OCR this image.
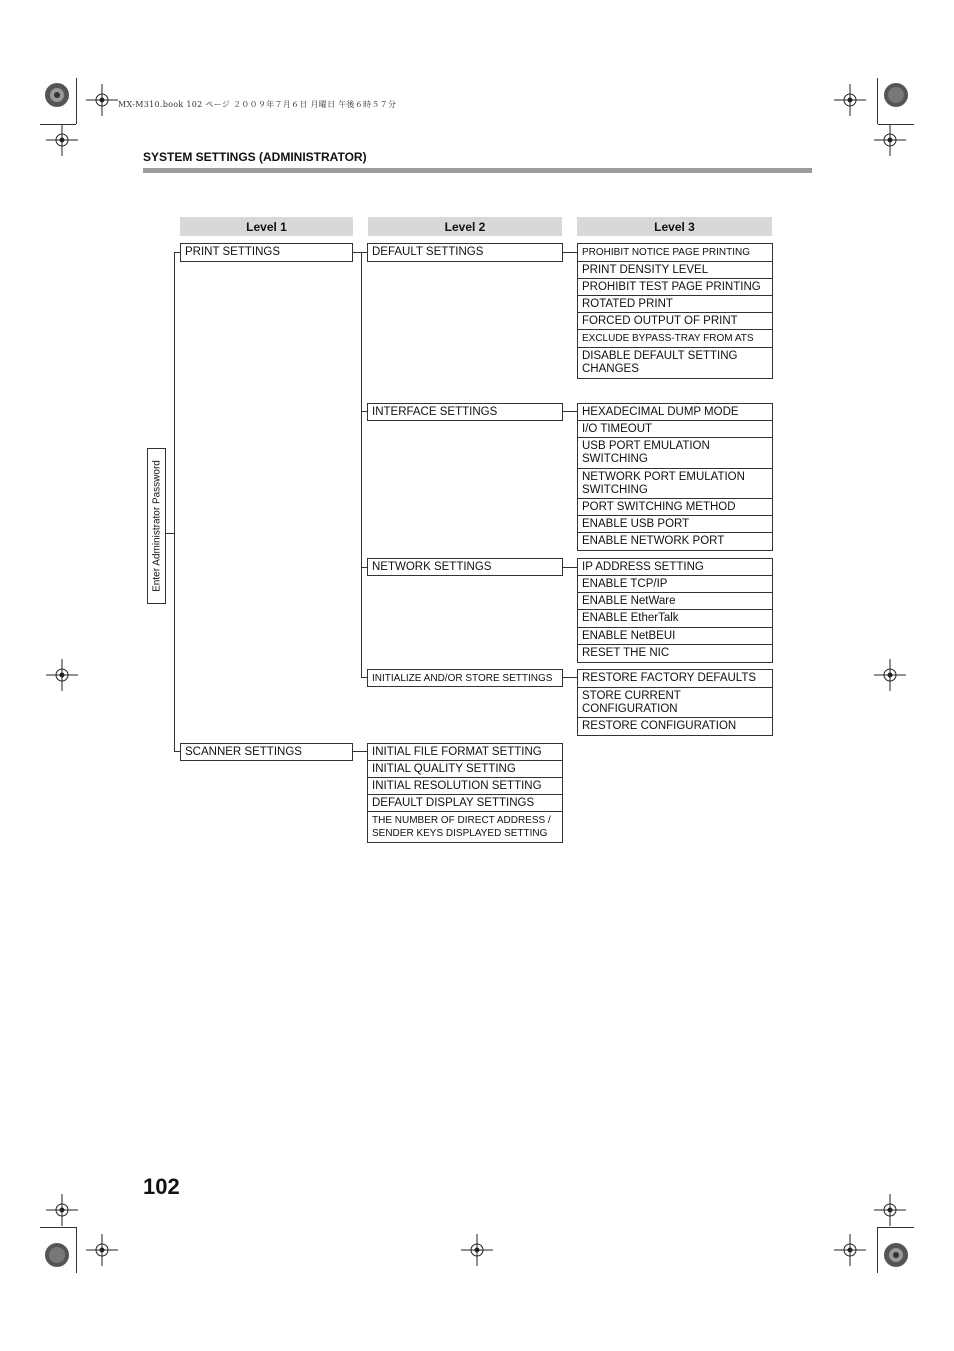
MX-M310.book 102 ページ ２００９年７月６日 月曜日 午後６時５７分
SYSTEM SETTINGS (ADMINISTRATOR)
Level 1	Level 2	Level 3
Enter Administrator Password
PRINT SETTINGS
SCANNER SETTINGS
DEFAULT SETTINGS
INTERFACE SETTINGS
NETWORK SETTINGS
INITIALIZE AND/OR STORE SETTINGS
INITIAL FILE FORMAT SETTING
INITIAL QUALITY SETTING
INITIAL RESOLUTION SETTING
DEFAULT DISPLAY SETTINGS
THE NUMBER OF DIRECT ADDRESS / SENDER KEYS DISPLAYED SETTING
PROHIBIT NOTICE PAGE PRINTING
PRINT DENSITY LEVEL
PROHIBIT TEST PAGE PRINTING
ROTATED PRINT
FORCED OUTPUT OF PRINT
EXCLUDE BYPASS-TRAY FROM ATS
DISABLE DEFAULT SETTING CHANGES
HEXADECIMAL DUMP MODE
I/O TIMEOUT
USB PORT EMULATION SWITCHING
NETWORK PORT EMULATION SWITCHING
PORT SWITCHING METHOD
ENABLE USB PORT
ENABLE NETWORK PORT
IP ADDRESS SETTING
ENABLE TCP/IP
ENABLE NetWare
ENABLE EtherTalk
ENABLE NetBEUI
RESET THE NIC
RESTORE FACTORY DEFAULTS
STORE CURRENT CONFIGURATION
RESTORE CONFIGURATION
102
